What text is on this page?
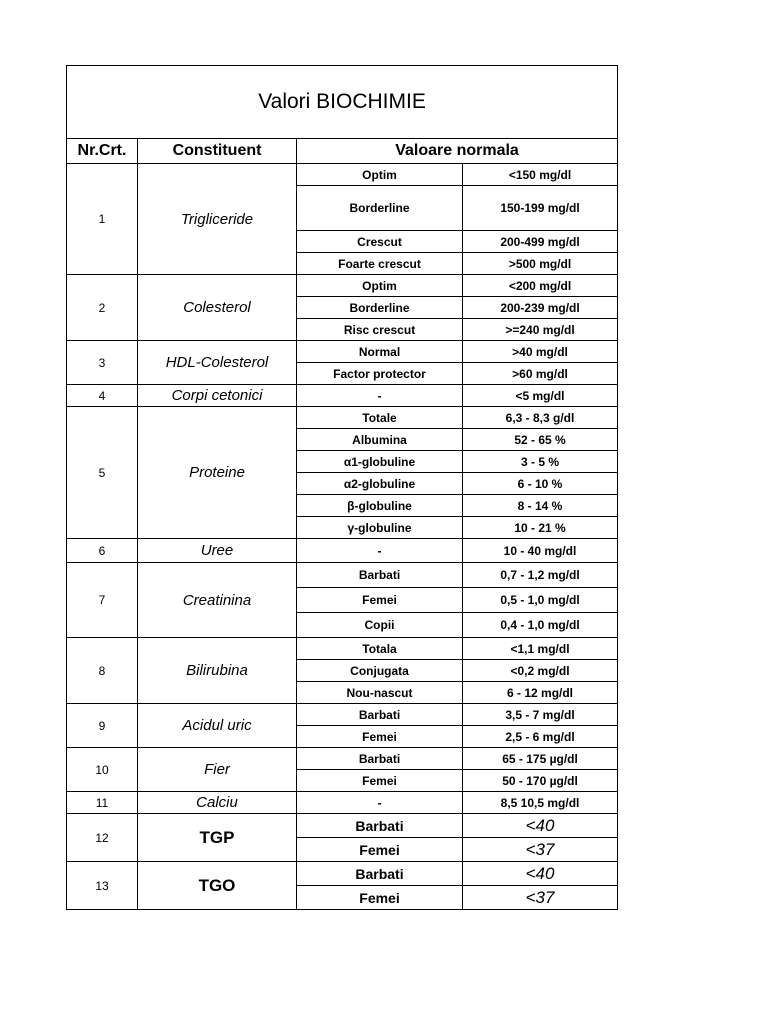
Valori BIOCHIMIE			
Nr.Crt.	Constituent	Valoare normala	
1	Trigliceride	Optim	<150 mg/dl
		Borderline	150-199 mg/dl
		Crescut	200-499 mg/dl
		Foarte crescut	>500 mg/dl
2	Colesterol	Optim	<200 mg/dl
		Borderline	200-239 mg/dl
		Risc crescut	>=240 mg/dl
3	HDL-Colesterol	Normal	>40 mg/dl
		Factor protector	>60 mg/dl
4	Corpi cetonici	-	<5 mg/dl
5	Proteine	Totale	6,3 - 8,3 g/dl
		Albumina	52 - 65 %
		α1-globuline	3 - 5 %
		α2-globuline	6 - 10 %
		β-globuline	8 - 14 %
		γ-globuline	10 - 21 %
6	Uree	-	10 - 40 mg/dl
7	Creatinina	Barbati	0,7 - 1,2 mg/dl
		Femei	0,5 - 1,0 mg/dl
		Copii	0,4 - 1,0 mg/dl
8	Bilirubina	Totala	<1,1 mg/dl
		Conjugata	<0,2 mg/dl
		Nou-nascut	6 - 12 mg/dl
9	Acidul uric	Barbati	3,5 - 7 mg/dl
		Femei	2,5 - 6 mg/dl
10	Fier	Barbati	65 - 175 µg/dl
		Femei	50 - 170 µg/dl
11	Calciu	-	8,5 10,5 mg/dl
12	TGP	Barbati	<40
		Femei	<37
13	TGO	Barbati	<40
		Femei	<37
